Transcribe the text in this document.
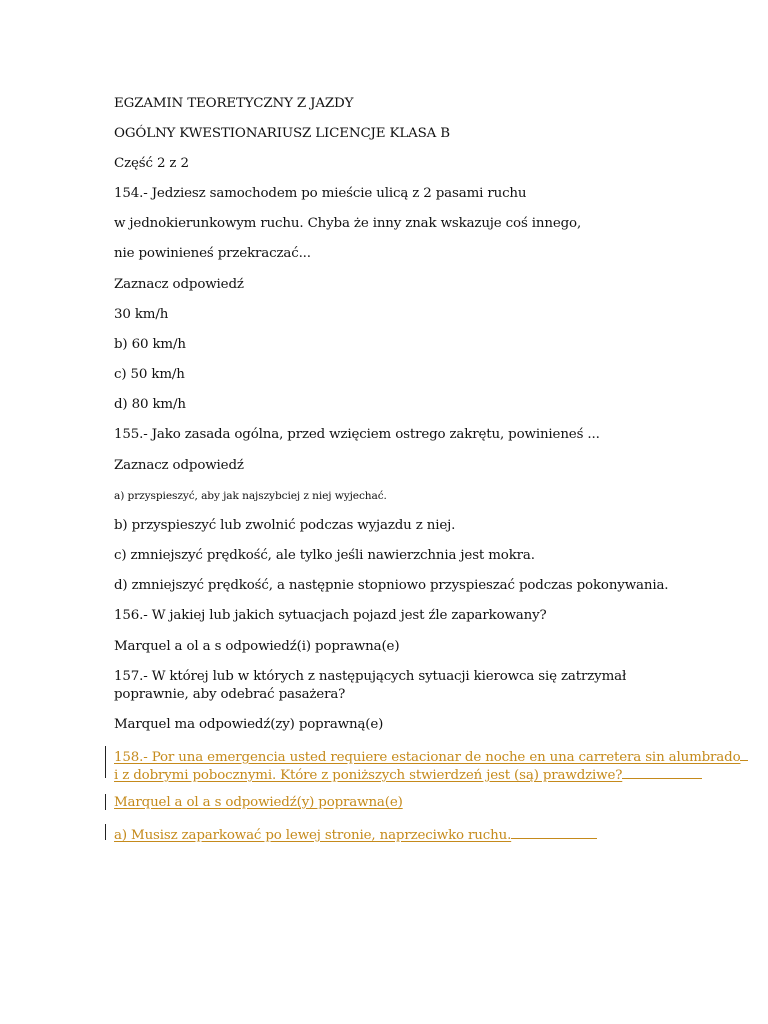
EGZAMIN TEORETYCZNY Z JAZDY

OGÓLNY KWESTIONARIUSZ LICENCJE KLASA B

Część 2 z 2

154.- Jedziesz samochodem po mieście ulicą z 2 pasami ruchu

w jednokierunkowym ruchu. Chyba że inny znak wskazuje coś innego,

nie powinieneś przekraczać...

Zaznacz odpowiedź

30 km/h

b) 60 km/h

c) 50 km/h

d) 80 km/h

155.- Jako zasada ogólna, przed wzięciem ostrego zakrętu, powinieneś ...

Zaznacz odpowiedź

a) przyspieszyć, aby jak najszybciej z niej wyjechać.

b) przyspieszyć lub zwolnić podczas wyjazdu z niej.

c) zmniejszyć prędkość, ale tylko jeśli nawierzchnia jest mokra.

d) zmniejszyć prędkość, a następnie stopniowo przyspieszać podczas pokonywania.

156.- W jakiej lub jakich sytuacjach pojazd jest źle zaparkowany?

Marquel a ol a s odpowiedź(i) poprawna(e)

157.- W której lub w których z następujących sytuacji kierowca się zatrzymał

poprawnie, aby odebrać pasażera?

Marquel ma odpowiedź(zy) poprawną(e)

158.- Por una emergencia usted requiere estacionar de noche en una carretera sin alumbrado

i z dobrymi pobocznymi. Które z poniższych stwierdzeń jest (są) prawdziwe?

Marquel a ol a s odpowiedź(y) poprawna(e)

a) Musisz zaparkować po lewej stronie, naprzeciwko ruchu.
